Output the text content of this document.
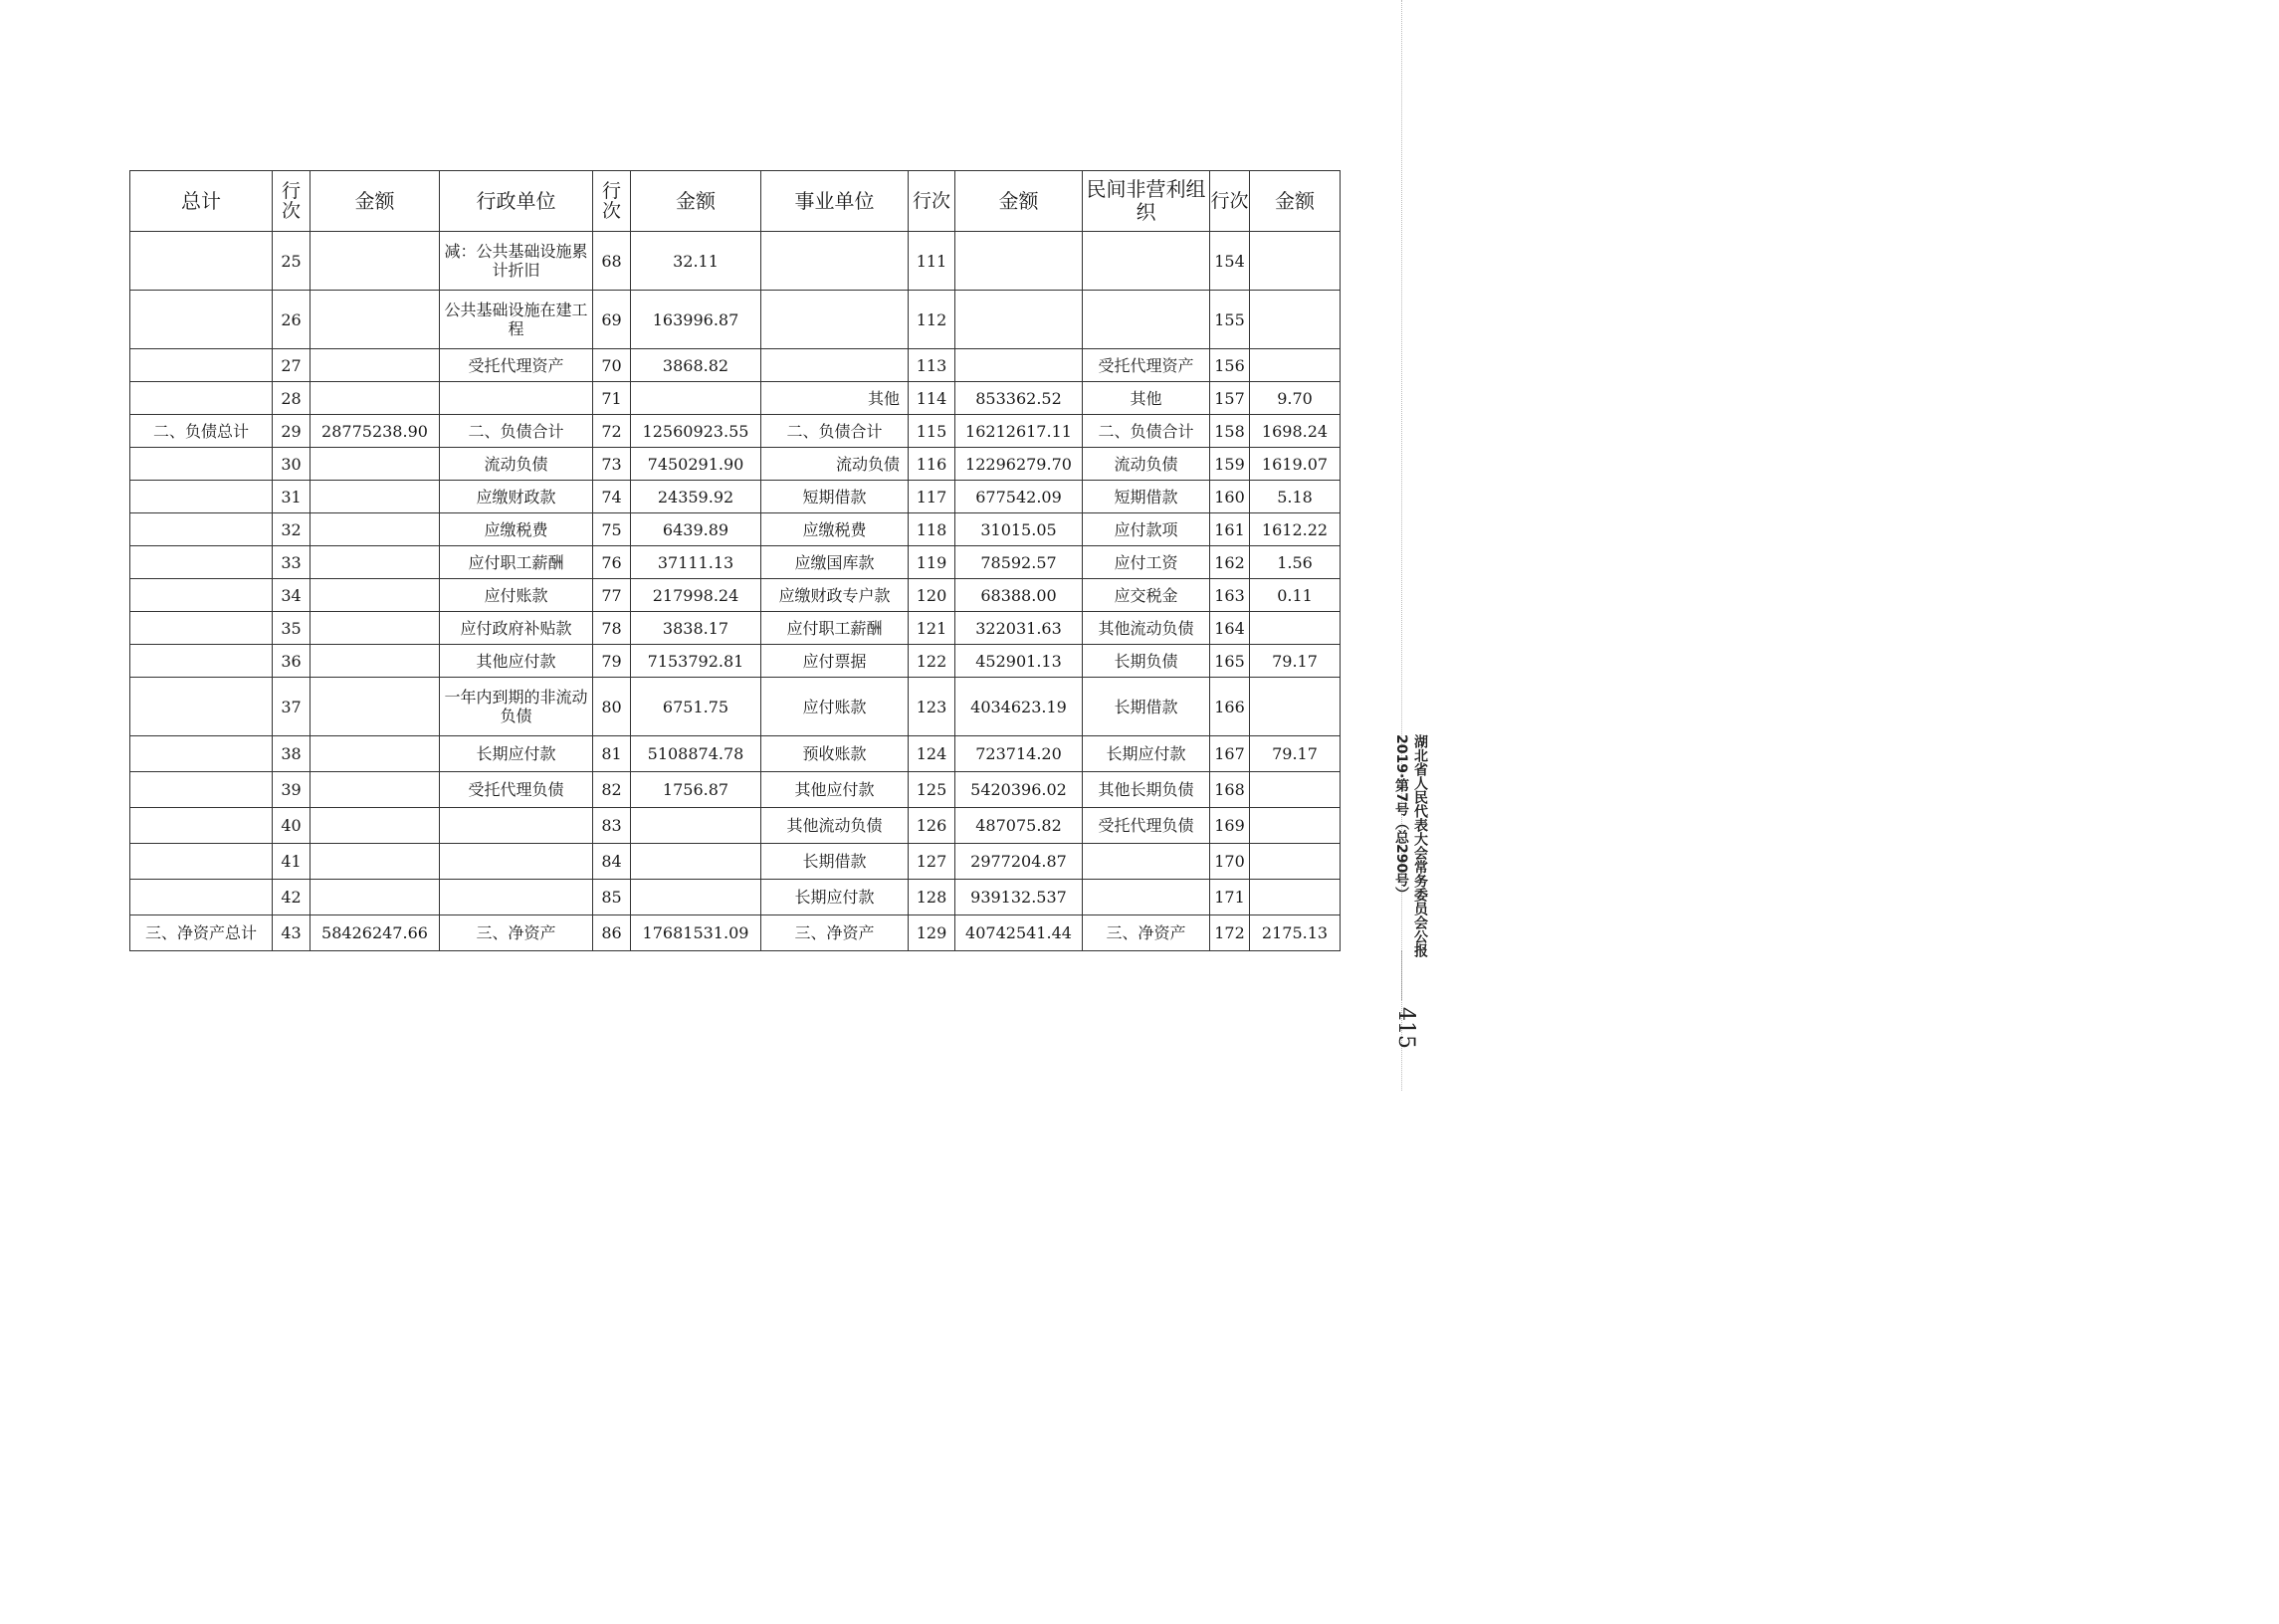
总计	行次	金额	行政单位	行次	金额	事业单位	行次	金额	民间非营利组织	行次	金额
	25		减：公共基础设施累计折旧	68	32.11		111			154	
	26		公共基础设施在建工程	69	163996.87		112			155	
	27		受托代理资产	70	3868.82		113		受托代理资产	156	
	28			71		其他	114	853362.52	其他	157	9.70
二、负债总计	29	28775238.90	二、负债合计	72	12560923.55	二、负债合计	115	16212617.11	二、负债合计	158	1698.24
	30		流动负债	73	7450291.90	流动负债	116	12296279.70	流动负债	159	1619.07
	31		应缴财政款	74	24359.92	短期借款	117	677542.09	短期借款	160	5.18
	32		应缴税费	75	6439.89	应缴税费	118	31015.05	应付款项	161	1612.22
	33		应付职工薪酬	76	37111.13	应缴国库款	119	78592.57	应付工资	162	1.56
	34		应付账款	77	217998.24	应缴财政专户款	120	68388.00	应交税金	163	0.11
	35		应付政府补贴款	78	3838.17	应付职工薪酬	121	322031.63	其他流动负债	164	
	36		其他应付款	79	7153792.81	应付票据	122	452901.13	长期负债	165	79.17
	37		一年内到期的非流动负债	80	6751.75	应付账款	123	4034623.19	长期借款	166	
	38		长期应付款	81	5108874.78	预收账款	124	723714.20	长期应付款	167	79.17
	39		受托代理负债	82	1756.87	其他应付款	125	5420396.02	其他长期负债	168	
	40			83		其他流动负债	126	487075.82	受托代理负债	169	
	41			84		长期借款	127	2977204.87		170	
	42			85		长期应付款	128	939132.537		171	
三、净资产总计	43	58426247.66	三、净资产	86	17681531.09	三、净资产	129	40742541.44	三、净资产	172	2175.13	湖北省人民代表大会常务委员会公报
2019·第7号（总290号）
415
